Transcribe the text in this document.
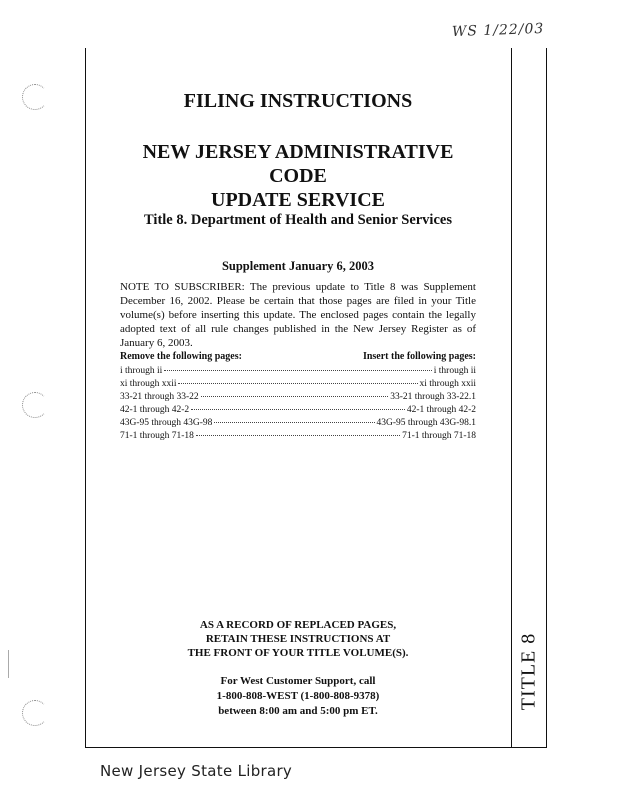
WS 1/22/03
TITLE 8
FILING INSTRUCTIONS
NEW JERSEY ADMINISTRATIVE CODE
UPDATE SERVICE
Title 8. Department of Health and Senior Services
Supplement January 6, 2003

NOTE TO SUBSCRIBER: The previous update to Title 8 was Supplement December 16, 2002. Please be certain that those pages are filed in your Title volume(s) before inserting this update. The enclosed pages contain the legally adopted text of all rule changes published in the New Jersey Register as of January 6, 2003.

Remove the following pages:	Insert the following pages:
i through ii	i through ii
xi through xxii	xi through xxii
33-21 through 33-22	33-21 through 33-22.1
42-1 through 42-2	42-1 through 42-2
43G-95 through 43G-98	43G-95 through 43G-98.1
71-1 through 71-18	71-1 through 71-18
AS A RECORD OF REPLACED PAGES,
RETAIN THESE INSTRUCTIONS AT
THE FRONT OF YOUR TITLE VOLUME(S).
For West Customer Support, call
1-800-808-WEST (1-800-808-9378)
between 8:00 am and 5:00 pm ET.
New Jersey State Library
